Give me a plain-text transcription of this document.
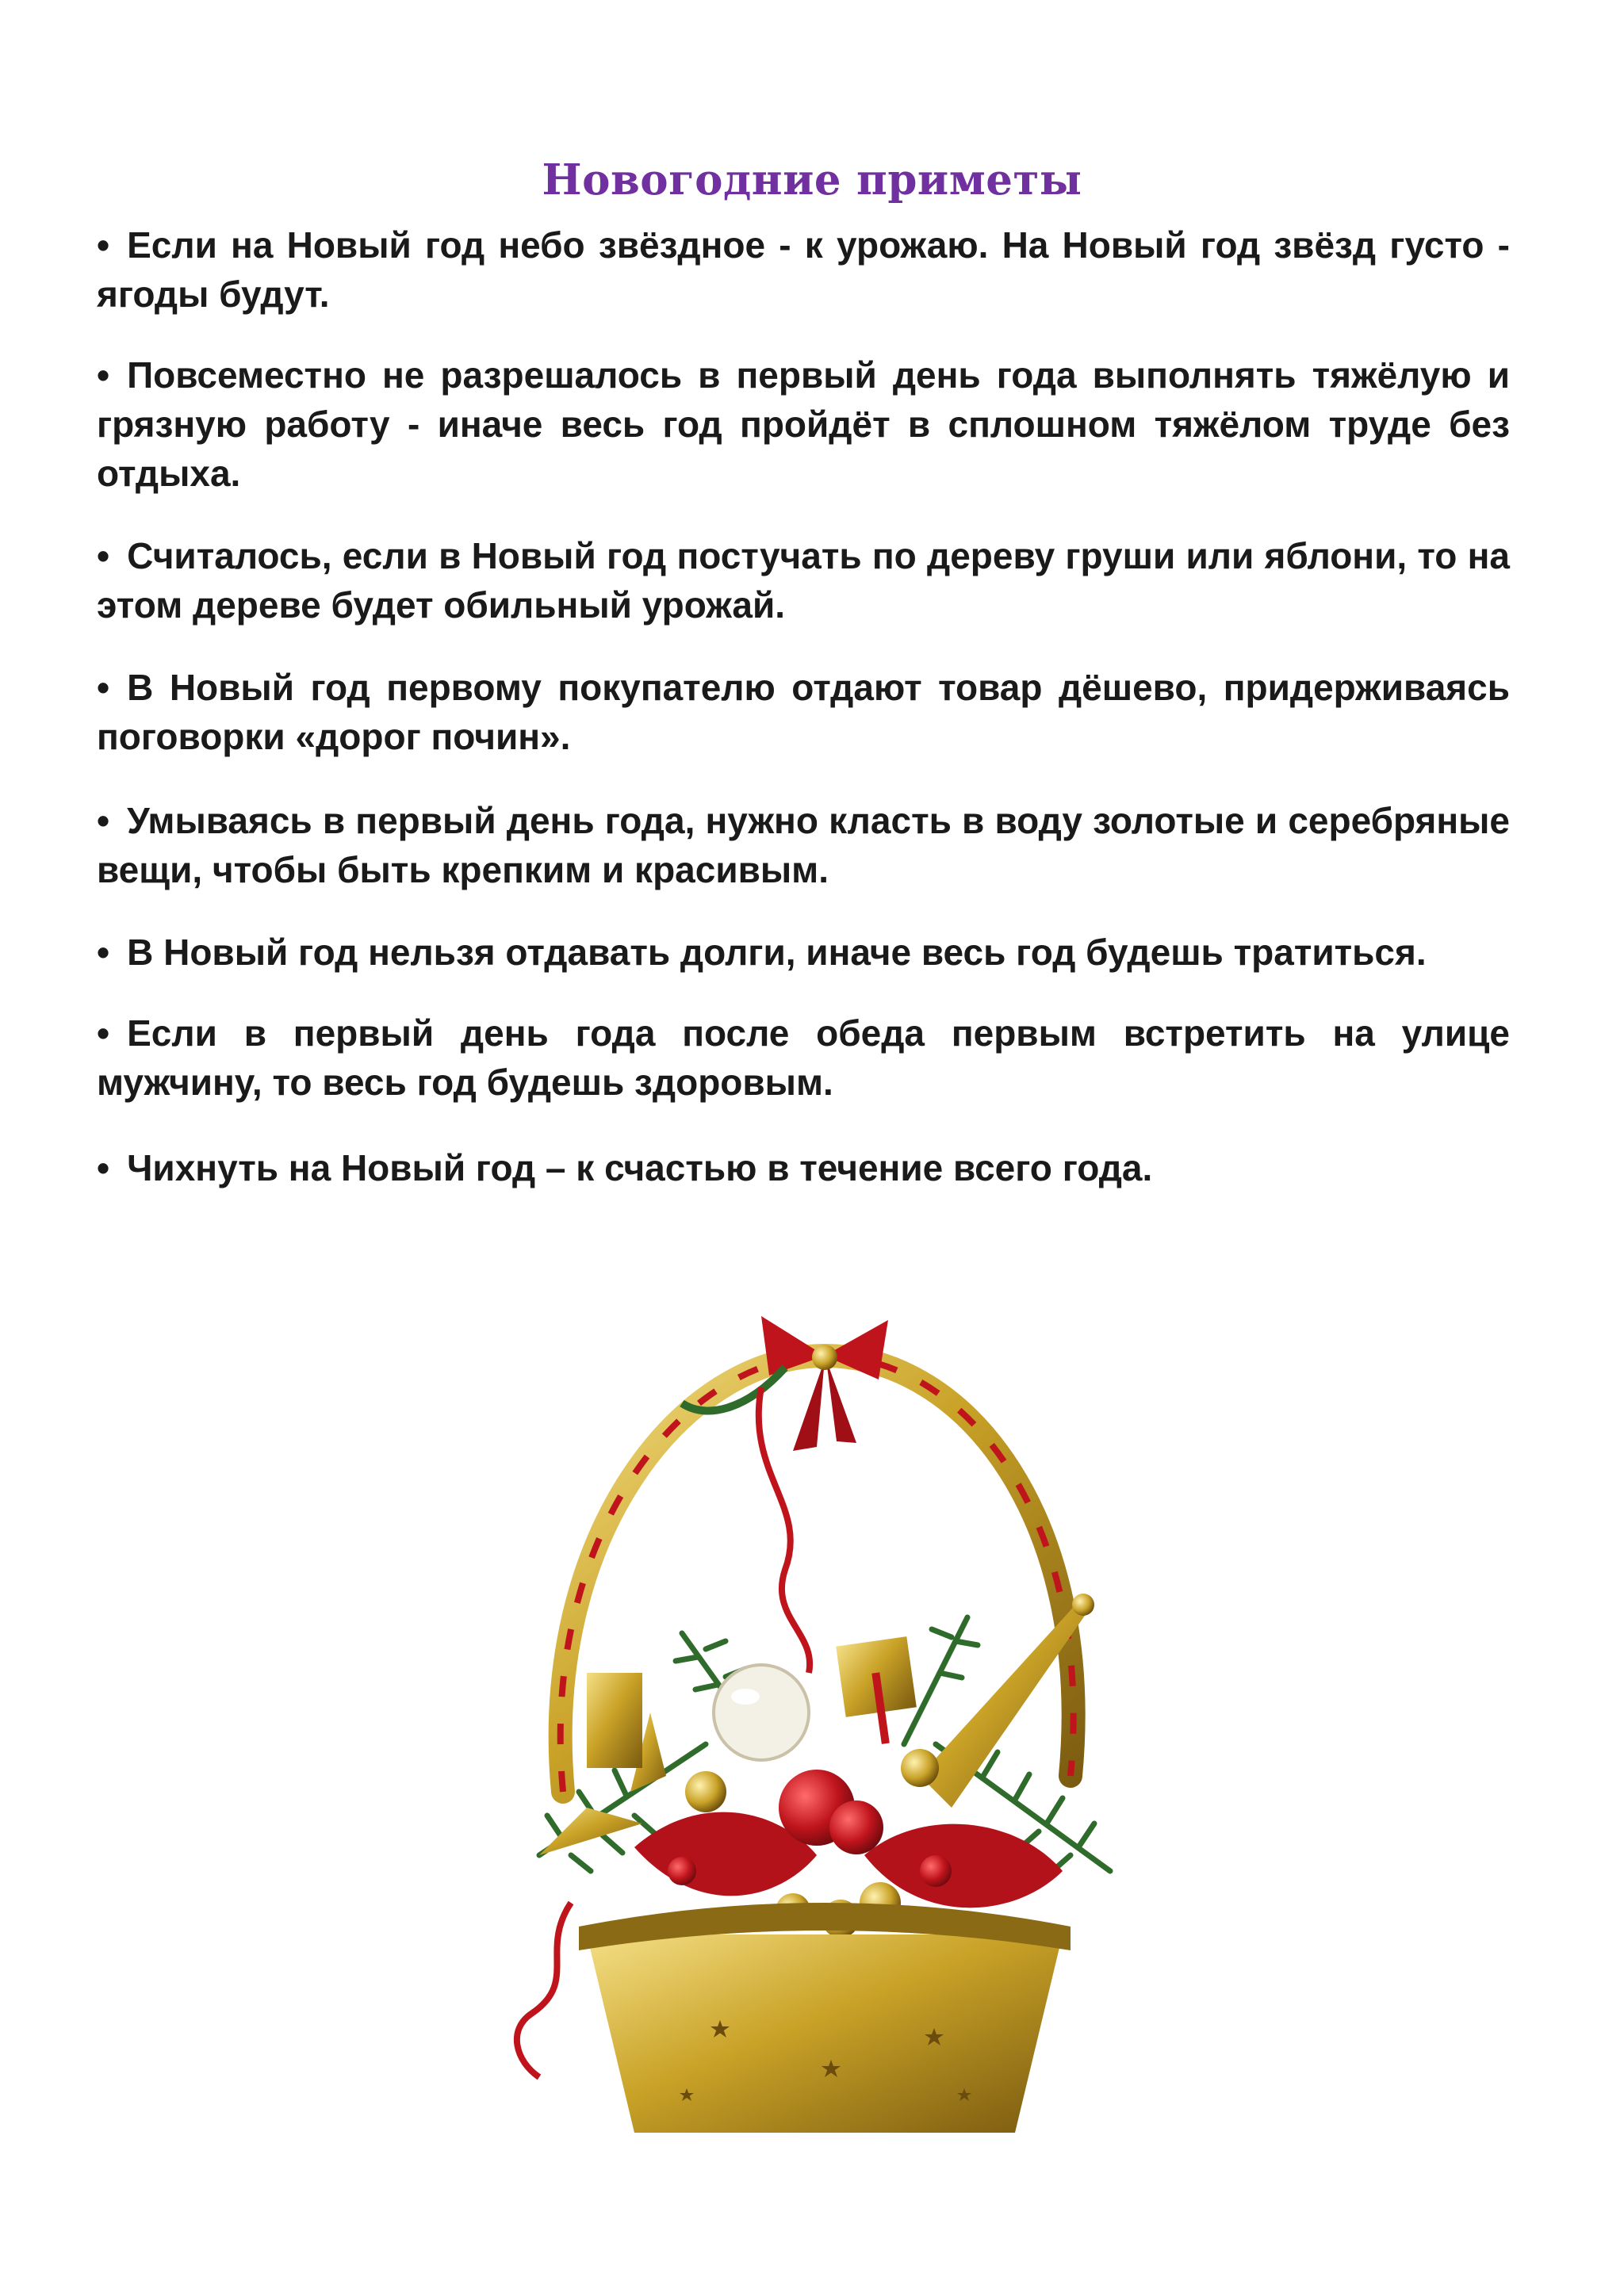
Новогодние приметы

• Если на Новый год небо звёздное - к урожаю. На Новый год звёзд густо - ягоды будут.

• Повсеместно не разрешалось в первый день года выполнять тяжёлую и грязную работу - иначе весь год пройдёт в сплошном тяжёлом труде без отдыха.

• Считалось, если в Новый год постучать по дереву груши или яблони, то на этом дереве будет обильный урожай.

• В Новый год первому покупателю отдают товар дёшево, придерживаясь поговорки «дорог почин».

• Умываясь в первый день года, нужно класть в воду золотые и серебряные вещи, чтобы быть крепким и красивым.

• В Новый год нельзя отдавать долги, иначе весь год будешь тратиться.

• Если в первый день года после обеда первым встретить на улице мужчину, то весь год будешь здоровым.

• Чихнуть на Новый год – к счастью в течение всего года.
